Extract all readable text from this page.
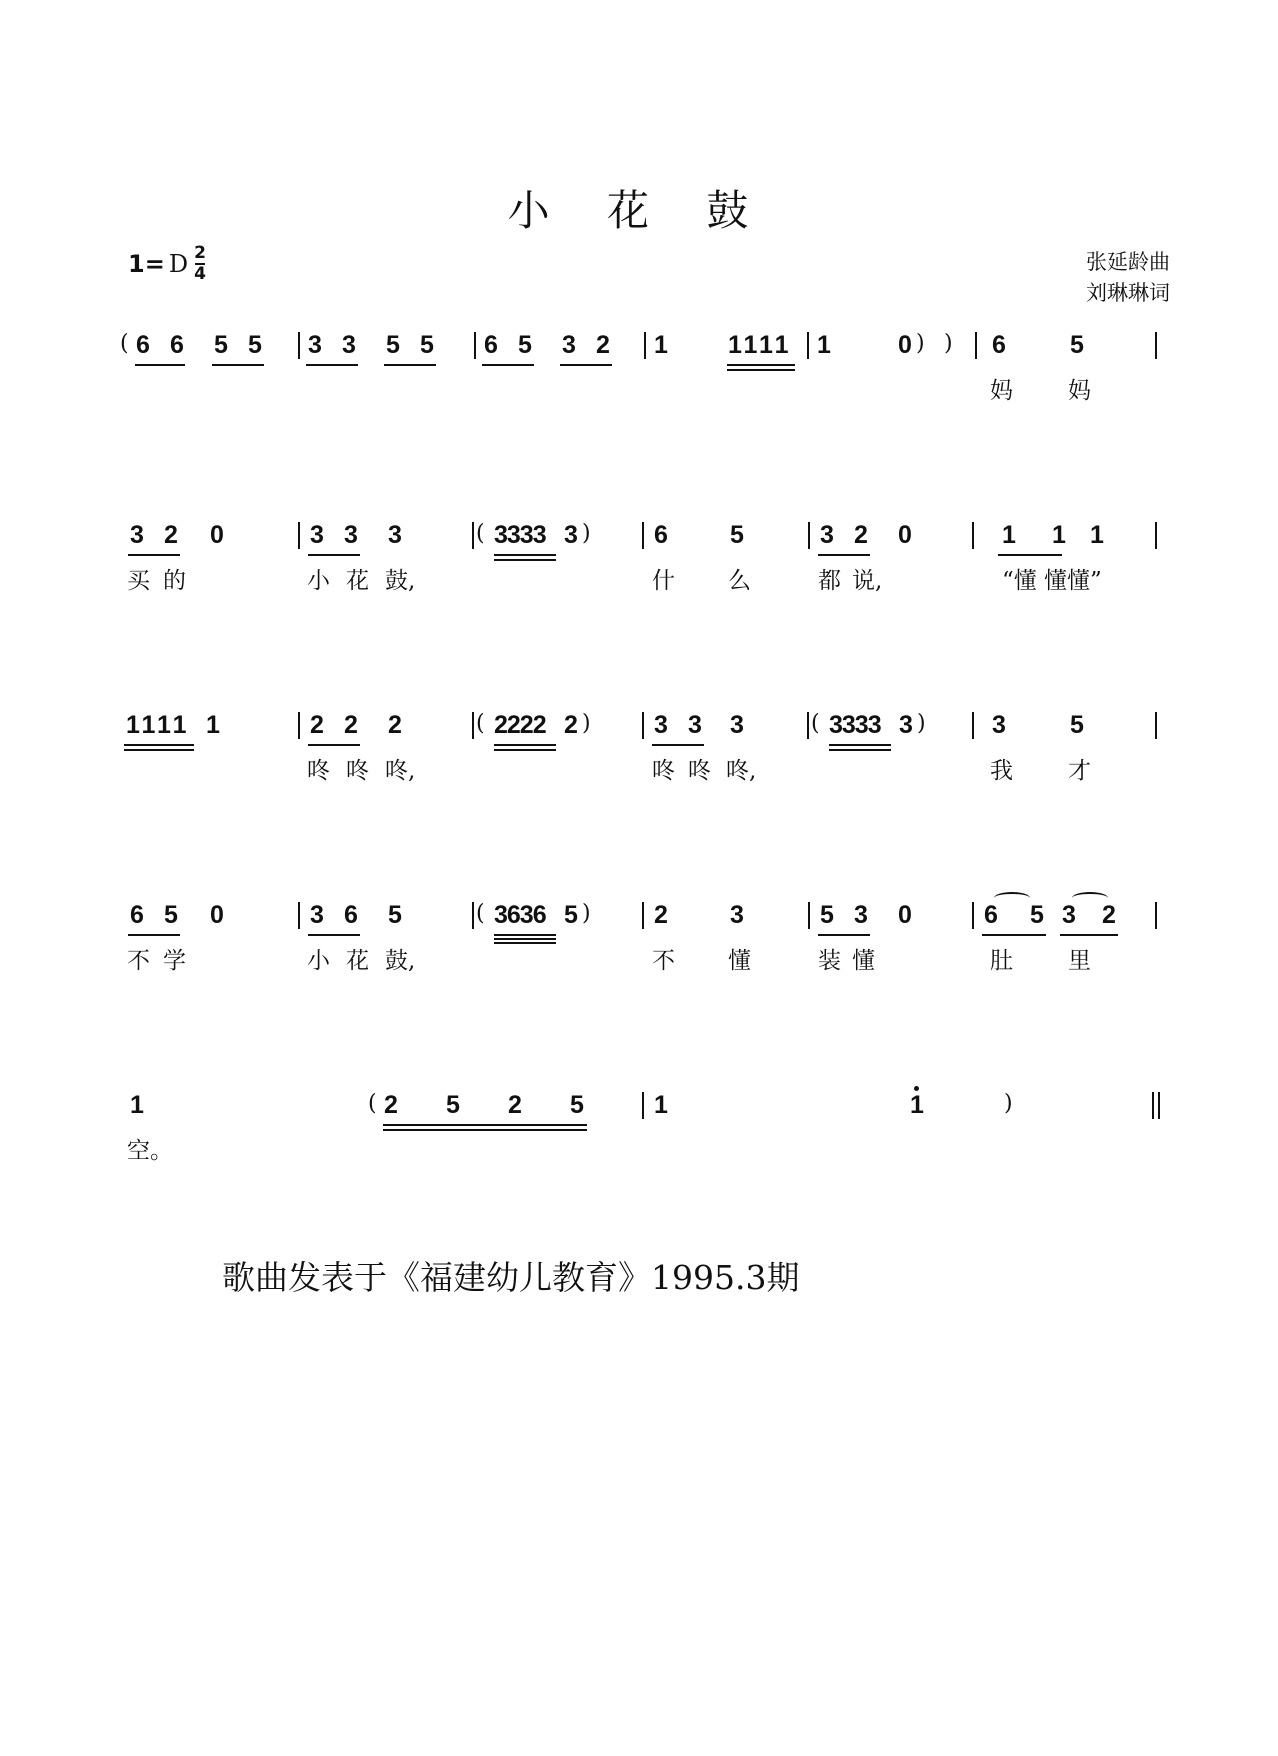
小 花 鼓
1= D $\frac{2}{4}$	张延龄曲
刘琳琳词
( 6 6 5 5 3 3 5 5 6 5 3 2 1 1111 1	0 ) ) 6	5
妈 妈
3 2 0	3 3 3	( 3333 3 )	6 5	3 2 0	1 1 1
买 的	小 花 鼓,	什 么	都 说,	“懂 懂懂”
1111 1	2 2 2	( 2222 2 )	3 3 3	( 3333 3 )	3	5
咚 咚 咚,	咚 咚 咚,	我 才
6 5 0	3 6 5	( 3636 5 )	2 3	5 3 0	6 5 3 2
不 学	小 花 鼓,	不 懂	装 懂	肚 里
1	( 2 5 2 5	1	1	)
空。
歌曲发表于《福建幼儿教育》1995.3期
